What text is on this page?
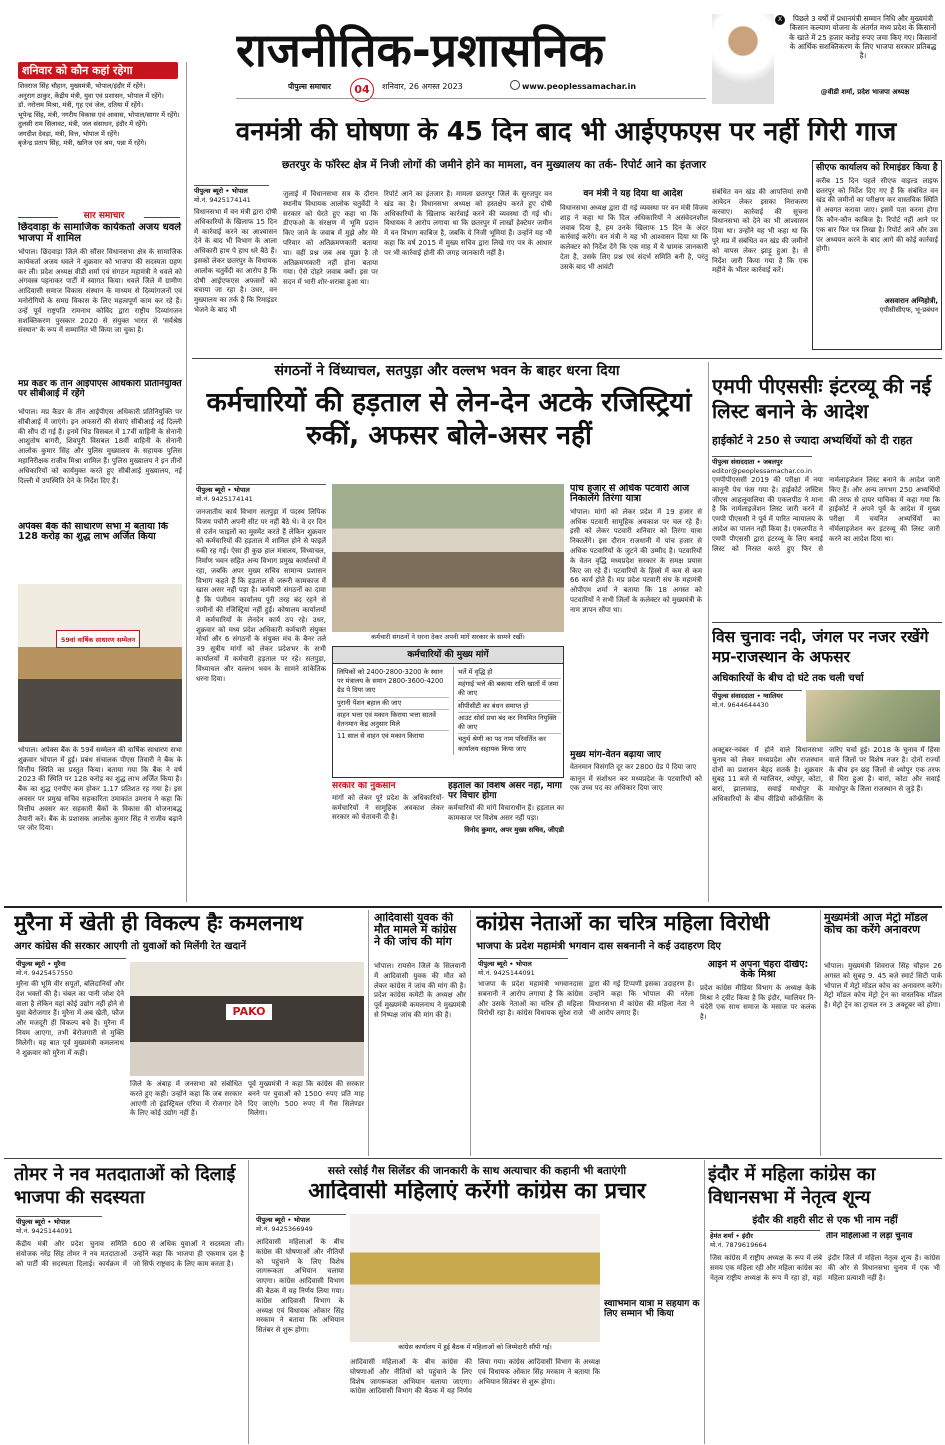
राजनीतिक-प्रशासनिक
पीपुल्स समाचार	04	शनिवार, 26 अगस्त 2023	www.peoplessamachar.in
X	पिछले 3 वर्षों में प्रधानमंत्री सम्मान निधि और मुख्यमंत्री किसान कल्याण योजना के अंतर्गत मध्य प्रदेश के किसानों के खाते में 25 हजार करोड़ रुपए जमा किए गए। किसानों के आर्थिक सशक्तिकरण के लिए भाजपा सरकार प्रतिबद्ध है।
@वीडी शर्मा, प्रदेश भाजपा अध्यक्ष
शनिवार को कौन कहां रहेगा
शिवराज सिंह चौहान, मुख्यमंत्री, भोपाल/इंदौर में रहेंगे।
अनुराग ठाकुर, केंद्रीय मंत्री, युवा एवं प्रशासन, भोपाल में रहेंगे।
डॉ. नरोत्तम मिश्रा, मंत्री, गृह एवं जेल, दतिया में रहेंगे।
भूपेन्द्र सिंह, मंत्री, नगरीय विकास एवं आवास, भोपाल/सागर में रहेंगे।
तुलसी राम सिलावट, मंत्री, जल संसाधन, इंदौर में रहेंगे।
जगदीश देवड़ा, मंत्री, वित्त, भोपाल में रहेंगे।
बृजेन्द्र प्रताप सिंह, मंत्री, खनिज एवं श्रम, पन्ना में रहेंगे।
सार समाचार
छिंदवाड़ा के सामाजिक कार्यकर्ता अजय धवले भाजपा में शामिल
भोपाल। छिंदवाड़ा जिले की सौंसर विधानसभा क्षेत्र के सामाजिक कार्यकर्ता अजय धवले ने शुक्रवार को भाजपा की सदस्यता ग्रहण कर ली। प्रदेश अध्यक्ष वीडी शर्मा एवं संगठन महामंत्री ने धवले को अंगवस्त्र पहनाकर पार्टी में स्वागत किया। धवले जिले में ग्रामीण आदिवासी समाज विकास संस्थान के माध्यम से दिव्यांगजनों एवं मनोरोगियों के समग्र विकास के लिए महत्वपूर्ण काम कर रहे हैं। उन्हें पूर्व राष्ट्रपति रामनाथ कोविंद द्वारा राष्ट्रीय दिव्यांगजन सशक्तिकरण पुरस्कार 2020 से संयुक्त भारत से 'सर्वश्रेष्ठ संस्थान' के रूप में सम्मानित भी किया जा चुका है।
मप्र कैडर के तीन आईपीएस अधिकारी प्रतिनियुक्ति पर सीबीआई में रहेंगे
भोपाल। मप्र कैडर के तीन आईपीएस अधिकारी प्रतिनियुक्ति पर सीबीआई में जाएंगे। इन अफसरों की सेवाएं सीबीआई नई दिल्ली की सौंप दी गई हैं। इनमें भिंड विसबल में 17वीं वाहिनी के सेनानी आशुतोष बागरी, शिवपुरी विसबल 18वीं वाहिनी के सेनानी आलोक कुमार सिंह और पुलिस मुख्यालय के सहायक पुलिस महानिरीक्षक राजीव मिश्रा शामिल हैं। पुलिस मुख्यालय ने इन तीनों अधिकारियों को कार्यमुक्त करते हुए सीबीआई मुख्यालय, नई दिल्ली में उपस्थिति देने के निर्देश दिए हैं।
अपेक्स बैंक की साधारण सभा में बताया कि 128 करोड़ का शुद्ध लाभ अर्जित किया
59वां वार्षिक साधारण सम्मेलन
भोपाल। अपेक्स बैंक के 59वें सम्मेलन की वार्षिक साधारण सभा शुक्रवार भोपाल में हुई। प्रबंध संचालक पीएस तिवारी ने बैंक के वित्तीय स्थिति का प्रस्तुत किया। बताया गया कि बैंक ने वर्ष 2023 की स्थिति पर 128 करोड़ का शुद्ध लाभ अर्जित किया है। बैंक का शुद्ध एनपीए कम होकर 1.17 प्रतिशत रह गया है। इस अवसर पर प्रमुख सचिव सहकारिता उमाकांत उमराव ने कहा कि वित्तीय अवसर कर सहकारी बैंकों के विकास की योजनाबद्ध तैयारी करें। बैंक के प्रशासक आलोक कुमार सिंह ने राजीव बढ़ाने पर जोर दिया।
वनमंत्री की घोषणा के 45 दिन बाद भी आईएफएस पर नहीं गिरी गाज
छतरपुर के फॉरेस्ट क्षेत्र में निजी लोगों की जमीने होने का मामला, वन मुख्यालय का तर्क- रिपोर्ट आने का इंतजार
पीपुल्स ब्यूरो • भोपाल
मो.नं. 9425174141
विधानसभा में वन मंत्री द्वारा दोषी अधिकारियों के खिलाफ 15 दिन में कार्रवाई करने का आश्वासन देने के बाद भी विभाग के आला अधिकारी हाथ पे हाथ धरे बैठे हैं। इसको लेकर छतरपुर के विधायक आलोक चतुर्वेदी का आरोप है कि दोषी आईएफएस अफसरों को बचाया जा रहा है। उधर, वन मुख्यालय का तर्क है कि रिमाइंडर भेजने के बाद भी
जुलाई में विधानसभा सत्र के दौरान स्थानीय विधायक आलोक चतुर्वेदी ने सरकार को घेरते हुए कहा था कि डीएफओ के संरक्षण में भूमि प्रदान किए जाने के जवाब में मुझे और मेरे परिवार को अतिक्रमणकारी बताया था। वहीं प्रश्न जब अब पूछा है तो अतिक्रमणकारी नहीं होना बताया गया। ऐसे दोहरे जवाब क्यों। इस पर सदन में भारी शोर-शराबा हुआ था।
रिपोर्ट आने का इंतजार है। मामला छतरपुर जिले के सुरजपुर वन खंड का है। विधानसभा अध्यक्ष को हस्तक्षेप करते हुए दोषी अधिकारियों के खिलाफ कार्रवाई करने की व्यवस्था दी गई थी। विधायक ने आरोप लगाया था कि छतरपुर में लाखों हेक्टेयर जमीन में वन विभाग काबिज है, जबकि ये निजी भूमियां हैं। उन्होंने यह भी कहा कि वर्ष 2015 में मुख्य सचिव द्वारा लिखे गए पत्र के आधार पर भी कार्रवाई होनी की जगह जानकारी नहीं है।
वन मंत्री ने यह दिया था आदेश
विधानसभा अध्यक्ष द्वारा दी गई व्यवस्था पर वन मंत्री विजय शाह ने कहा था कि दिल अधिकारियों ने असंवेदनशील जवाब दिया है, हम उनके खिलाफ 15 दिन के अंदर कार्रवाई करेंगे। वन मंत्री ने यह भी आश्वासन दिया था कि कलेक्टर को निर्देश देंगे कि एक माह में ये भ्रामक जानकारी देता है, उसके लिए प्रश्न एवं संदर्भ समिति बनी है, परंतु उसके बाद भी आवंटी
संबंधित वन खंड की आपत्तियां सभी आवेदन लेकर इसका निराकरण करवाए। कार्रवाई की सूचना विधानसभा को देने का भी आश्वासन दिया था। उन्होंने यह भी कहा था कि पूरे मप्र में संबंधित वन खंड की जमीनों को वापस लेकर झाड़ू हुआ है। से निर्देश जारी किया गया है कि एक महीने के भीतर कार्रवाई करें।
सीएफ कार्यालय को रिमाइंडर किया है
करीब 15 दिन पहले सीएफ वाइल्ड लाइफ छतरपुर को निर्देश दिए गए हैं कि संबंधित वन खंड की जमीनों का परीक्षण कर वास्तविक स्थिति से अवगत कराया जाए। इसमें पता करना होगा कि कौन-कौन काबिज है। रिपोर्ट नहीं आने पर एक बार फिर पत्र लिखा है। रिपोर्ट आने और उस पर अध्ययन करने के बाद आगे की कोई कार्रवाई होगी।
असवारान अग्निहोत्री,
एपीसीसीएफ, भू-प्रबंधन
संगठनों ने विंध्याचल, सतपुड़ा और वल्लभ भवन के बाहर धरना दिया
कर्मचारियों की हड़ताल से लेन-देन अटके रजिस्ट्रियां रुकीं, अफसर बोले-असर नहीं
पीपुल्स ब्यूरो • भोपाल
मो.नं. 9425174141
जनजातीय कार्य विभाग सतपुड़ा में पदस्थ लिपिक विजय पचौरी अपनी सीट पर नहीं बैठे थे। वे दर दिन से दर्जन फाइलों का मूवमेंट करते हैं लेकिन शुक्रवार को कर्मचारियों की हड़ताल में शामिल होने से फाइलें रुकी रह गईं। ऐसा ही कुछ हाल मंत्रालय, विंध्याचल, निर्माण भवन सहित अन्य विभाग प्रमुख कार्यालयों में रहा, जबकि अपर मुख्य सचिव सामान्य प्रशासन विभाग कहते हैं कि हड़ताल से जरूरी कामकाज में खास असर नहीं पड़ा है। कर्मचारी संगठनों का दावा है कि पंजीयन कार्यालय पूरी तरह बंद रहने से जमीनों की रजिस्ट्रियां नहीं हुईं। कोषालय कार्यालयों में कर्मचारियों के लेनदेन कार्य ठप रहे। उधर, शुक्रवार को मध्य प्रदेश अधिकारी कर्मचारी संयुक्त मोर्चा और 6 संगठनों के संयुक्त मंच के बैनर तले 39 सूत्रीय मांगों को लेकर प्रदेशभर के सभी कार्यालयों में कर्मचारी हड़ताल पर रहे। सतपुड़ा, विंध्याचल और वल्लभ भवन के सामने सांकेतिक धरना दिया।
कर्मचारी संगठनों ने धरना देकर अपनी मांगें सरकार के सामने रखीं।
कर्मचारियों की मुख्य मांगें
लिपिकों को 2400-2800-3200 के स्थान पर मंत्रालय के समान 2800-3600-4200 ग्रेड पे दिया जाए
पुरानी पेंशन बहाल की जाए
वाहन भत्ता एवं मकान किराया भत्ता सातवें वेतनमान केंद्र अनुसार मिले
11 साल से वाहन एवं मकान किराया
भर्ते में वृद्धि हो
महंगाई भत्ते की बकाया राशि खातों में जमा की जाए
सीपीसीटी का बंधन समाप्त हो
आउट सोर्स प्रथा बंद कर नियमित नियुक्ति की जाए
चतुर्थ श्रेणी का पद नाम परिवर्तित कर कार्यालय सहायक किया जाए
सरकार को नुकसान
मांगों को लेकर पूरे प्रदेश के अधिकारियों-कर्मचारियों ने सामूहिक अवकाश लेकर सरकार को चेतावनी दी है।
हड़ताल का विशेष असर नहीं, मांगों पर विचार होगा
कर्मचारियों की मांगें विचाराधीन हैं। हड़ताल का कामकाज पर विशेष असर नहीं पड़ा।
विनोद कुमार, अपर मुख्य सचिव, जीएडी
पांच हजार से अधिक पटवारी आज निकालेंगे तिरंगा यात्रा
भोपाल। मांगों को लेकर प्रदेश में 19 हजार से अधिक पटवारी सामूहिक अवकाश पर चल रहे हैं। इसी को लेकर पटवारी शनिवार को तिरंगा यात्रा निकालेंगे। इस दौरान राजधानी में पांच हजार से अधिक पटवारियों के जुटने की उम्मीद है। पटवारियों के वेतन वृद्धि मध्यप्रदेश सरकार के समक्ष प्रयास किए जा रहे हैं। पटवारियों के हिस्से में कम से कम 66 कार्य होते हैं। मप्र प्रदेश पटवारी संघ के महामंत्री ओपीएम शर्मा ने बताया कि 18 अगस्त को पटवारियों ने सभी जिलों के कलेक्टर को मुख्यमंत्री के नाम ज्ञापन सौंपा था।
मुख्य मांग-वेतन बढ़ाया जाए
वेतनमान विसंगति दूर कर 2800 ग्रेड पे दिया जाए
कानून में संशोधन कर मध्यप्रदेश के पटवारियों को एक उच्च पद का अधिकार दिया जाए
एमपी पीएससीः इंटरव्यू की नई लिस्ट बनाने के आदेश
हाईकोर्ट ने 250 से ज्यादा अभ्यर्थियों को दी राहत
पीपुल्स संवाददाता • जबलपुर
editor@peoplessamachar.co.in
एमपीपीएससी 2019 की परीक्षा में नया कानूनी पेच फंस गया है। हाईकोर्ट जस्टिस जीएस आहलूवालिया की एकलपीठ ने माना है कि नार्मलाइजेशन लिस्ट जारी करने में एमपी पीएससी ने पूर्व में पारित न्यायालय के आदेश का पालन नहीं किया है। एकलपीठ ने एमपी पीएससी द्वारा इंटरव्यू के लिए बनाई लिस्ट को निरस्त करते हुए फिर से नार्मलाइजेशन लिस्ट बनाने के आदेश जारी किए हैं। और अन्य लगभग 250 अभ्यर्थियों की तरफ से दायर याचिका में कहा गया कि हाईकोर्ट ने अपने पूर्व के आदेश में मुख्य परीक्षा में चयनित अभ्यर्थियों का नॉर्मलाइजेशन कर इंटरव्यू की लिस्ट जारी करने का आदेश दिया था।
विस चुनावः नदी, जंगल पर नजर रखेंगे मप्र-राजस्थान के अफसर
अधिकारियों के बीच दो घंटे तक चली चर्चा
पीपुल्स संवाददाता • ग्वालियर
मो.नं. 9644644430
अक्टूबर-नवंबर में होने वाले विधानसभा चुनाव को लेकर मध्यप्रदेश और राजस्थान दोनों का प्रशासन बेहद सतर्क है। शुक्रवार सुबह 11 बजे से ग्वालियर, श्योपुर, कोटा, बारां, झालावाड़, सवाई माधोपुर के अधिकारियों के बीच वीडियो कॉन्फ्रेंसिंग के जरिए चर्चा हुई। 2018 के चुनाव में हिंसा वाले जिलों पर विशेष नजर है। दोनों राज्यों के बीच इन छह जिलों से श्योपुर एक तरफ से घिरा हुआ है। बारां, कोटा और सवाई माधोपुर के जिला राजस्थान से जुड़े हैं।
मुरैना में खेती ही विकल्प हैः कमलनाथ
अगर कांग्रेस की सरकार आएगी तो युवाओं को मिलेंगी रेत खदानें
पीपुल्स ब्यूरो • मुरैना
मो.नं. 9425457550
मुरैना की भूमि वीर सपूतों, बलिदानियों और देश भक्तों की है। चंबल का पानी जोश देने वाला है लेकिन यहां कोई उद्योग नहीं होने से युवा बेरोजगार हैं। मुरैना में अब खेती, फौज और मजदूरी ही विकल्प बचे हैं। मुरैना में नियम आएगा, तभी बेरोजगारी से मुक्ति मिलेगी। यह बात पूर्व मुख्यमंत्री कमलनाथ ने शुक्रवार को मुरैना में कही।
PAKO
जिले के अंबाह में जनसभा को संबोधित करते हुए कही। उन्होंने कहा कि जब सरकार आएगी तो इंडस्ट्रियल एरिया में रोजगार देने के लिए कोई उद्योग नहीं हैं।
पूर्व मुख्यमंत्री ने कहा कि कांग्रेस की सरकार बनने पर युवाओं को 1500 रुपए प्रति माह दिए जाएंगे। 500 रुपए में गैस सिलेण्डर मिलेगा।
आदिवासी युवक की मौत मामले में कांग्रेस ने की जांच की मांग
भोपाल। रायसेन जिले के सिलवानी में आदिवासी युवक की मौत को लेकर कांग्रेस ने जांच की मांग की है। प्रदेश कांग्रेस कमेटी के अध्यक्ष और पूर्व मुख्यमंत्री कमलनाथ ने मुख्यमंत्री से निष्पक्ष जांच की मांग की है।
कांग्रेस नेताओं का चरित्र महिला विरोधी
भाजपा के प्रदेश महामंत्री भगवान दास सबनानी ने कई उदाहरण दिए
पीपुल्स ब्यूरो • भोपाल
मो.नं. 9425144091
भाजपा के प्रदेश महामंत्री भगवानदास सबनानी ने आरोप लगाया है कि कांग्रेस और उसके नेताओं का चरित्र ही महिला विरोधी रहा है। कांग्रेस विधायक सुरेश राजे द्वारा की गई टिप्पणी इसका उदाहरण है। उन्होंने कहा कि भोपाल की नरेला विधानसभा में कांग्रेस की महिला नेता ने भी आरोप लगाए हैं।
आइने में अपना चेहरा देखिए: केके मिश्रा
प्रदेश कांग्रेस मीडिया विभाग के अध्यक्ष केके मिश्रा ने ट्वीट किया है कि इंदौर, ग्वालियर नि-चंदेरी एक साथ समाज के मसाज पर कलंक है।
मुख्यमंत्री आज मेट्रो मॉडल कोच का करेंगे अनावरण
भोपाल। मुख्यमंत्री शिवराज सिंह चौहान 26 अगस्त को सुबह 9. 45 बजे स्मार्ट सिटी पार्क भोपाल में मेट्रो मॉडल कोच का अनावरण करेंगे। मेट्रो मॉडल कोच मेट्रो ट्रेन का वास्तविक मॉडल है। मेट्रो ट्रेन का ट्रायल रन 3 अक्टूबर को होगा।
तोमर ने नव मतदाताओं को दिलाई भाजपा की सदस्यता
पीपुल्स ब्यूरो • भोपाल
मो.नं. 9425144091
केंद्रीय मंत्री और प्रदेश चुनाव समिति संयोजक नरेंद्र सिंह तोमर ने नव मतदाताओं को पार्टी की सदस्यता दिलाई। कार्यक्रम में 600 से अधिक युवाओं ने सदस्यता ली। उन्होंने कहा कि भाजपा ही एकमात्र दल है जो सिर्फ राष्ट्रवाद के लिए काम करता है।
सस्ते रसोई गैस सिलेंडर की जानकारी के साथ अत्याचार की कहानी भी बताएंगी
आदिवासी महिलाएं करेंगी कांग्रेस का प्रचार
पीपुल्स ब्यूरो • भोपाल
मो.नं. 9425366949
आदिवासी महिलाओं के बीच कांग्रेस की घोषणाओं और नीतियों को पहुंचाने के लिए विशेष जागरूकता अभियान चलाया जाएगा। कांग्रेस आदिवासी विभाग की बैठक में यह निर्णय लिया गया। कांग्रेस आदिवासी विभाग के अध्यक्ष एवं विधायक ओंकार सिंह मरकाम ने बताया कि अभियान सितंबर से शुरू होगा।
कांग्रेस कार्यालय में हुई बैठक में महिलाओं को जिम्मेदारी सौंपी गई।
आदिवासी महिलाओं के बीच कांग्रेस की घोषणाओं और नीतियों को पहुंचाने के लिए विशेष जागरूकता अभियान चलाया जाएगा। कांग्रेस आदिवासी विभाग की बैठक में यह निर्णय लिया गया। कांग्रेस आदिवासी विभाग के अध्यक्ष एवं विधायक ओंकार सिंह मरकाम ने बताया कि अभियान सितंबर से शुरू होगा।
स्वाभिमान यात्रा में सहयोग के लिए सम्मान भी किया
इंदौर में महिला कांग्रेस का विधानसभा में नेतृत्व शून्य
इंदौर की शहरी सीट से एक भी नाम नहीं
हेमंत शर्मा • इंदौर
मो.नं. 7879619664
तीन महिलाओं ने लड़ा चुनाव
जिस कांग्रेस में राष्ट्रीय अध्यक्ष के रूप में लंबे समय एक महिला रही और महिला कांग्रेस का नेतृत्व राष्ट्रीय अध्यक्ष के रूप में रहा हो, वहां इंदौर जिले में महिला नेतृत्व शून्य है। कांग्रेस की ओर से विधानसभा चुनाव में एक भी महिला प्रत्याशी नहीं है।
